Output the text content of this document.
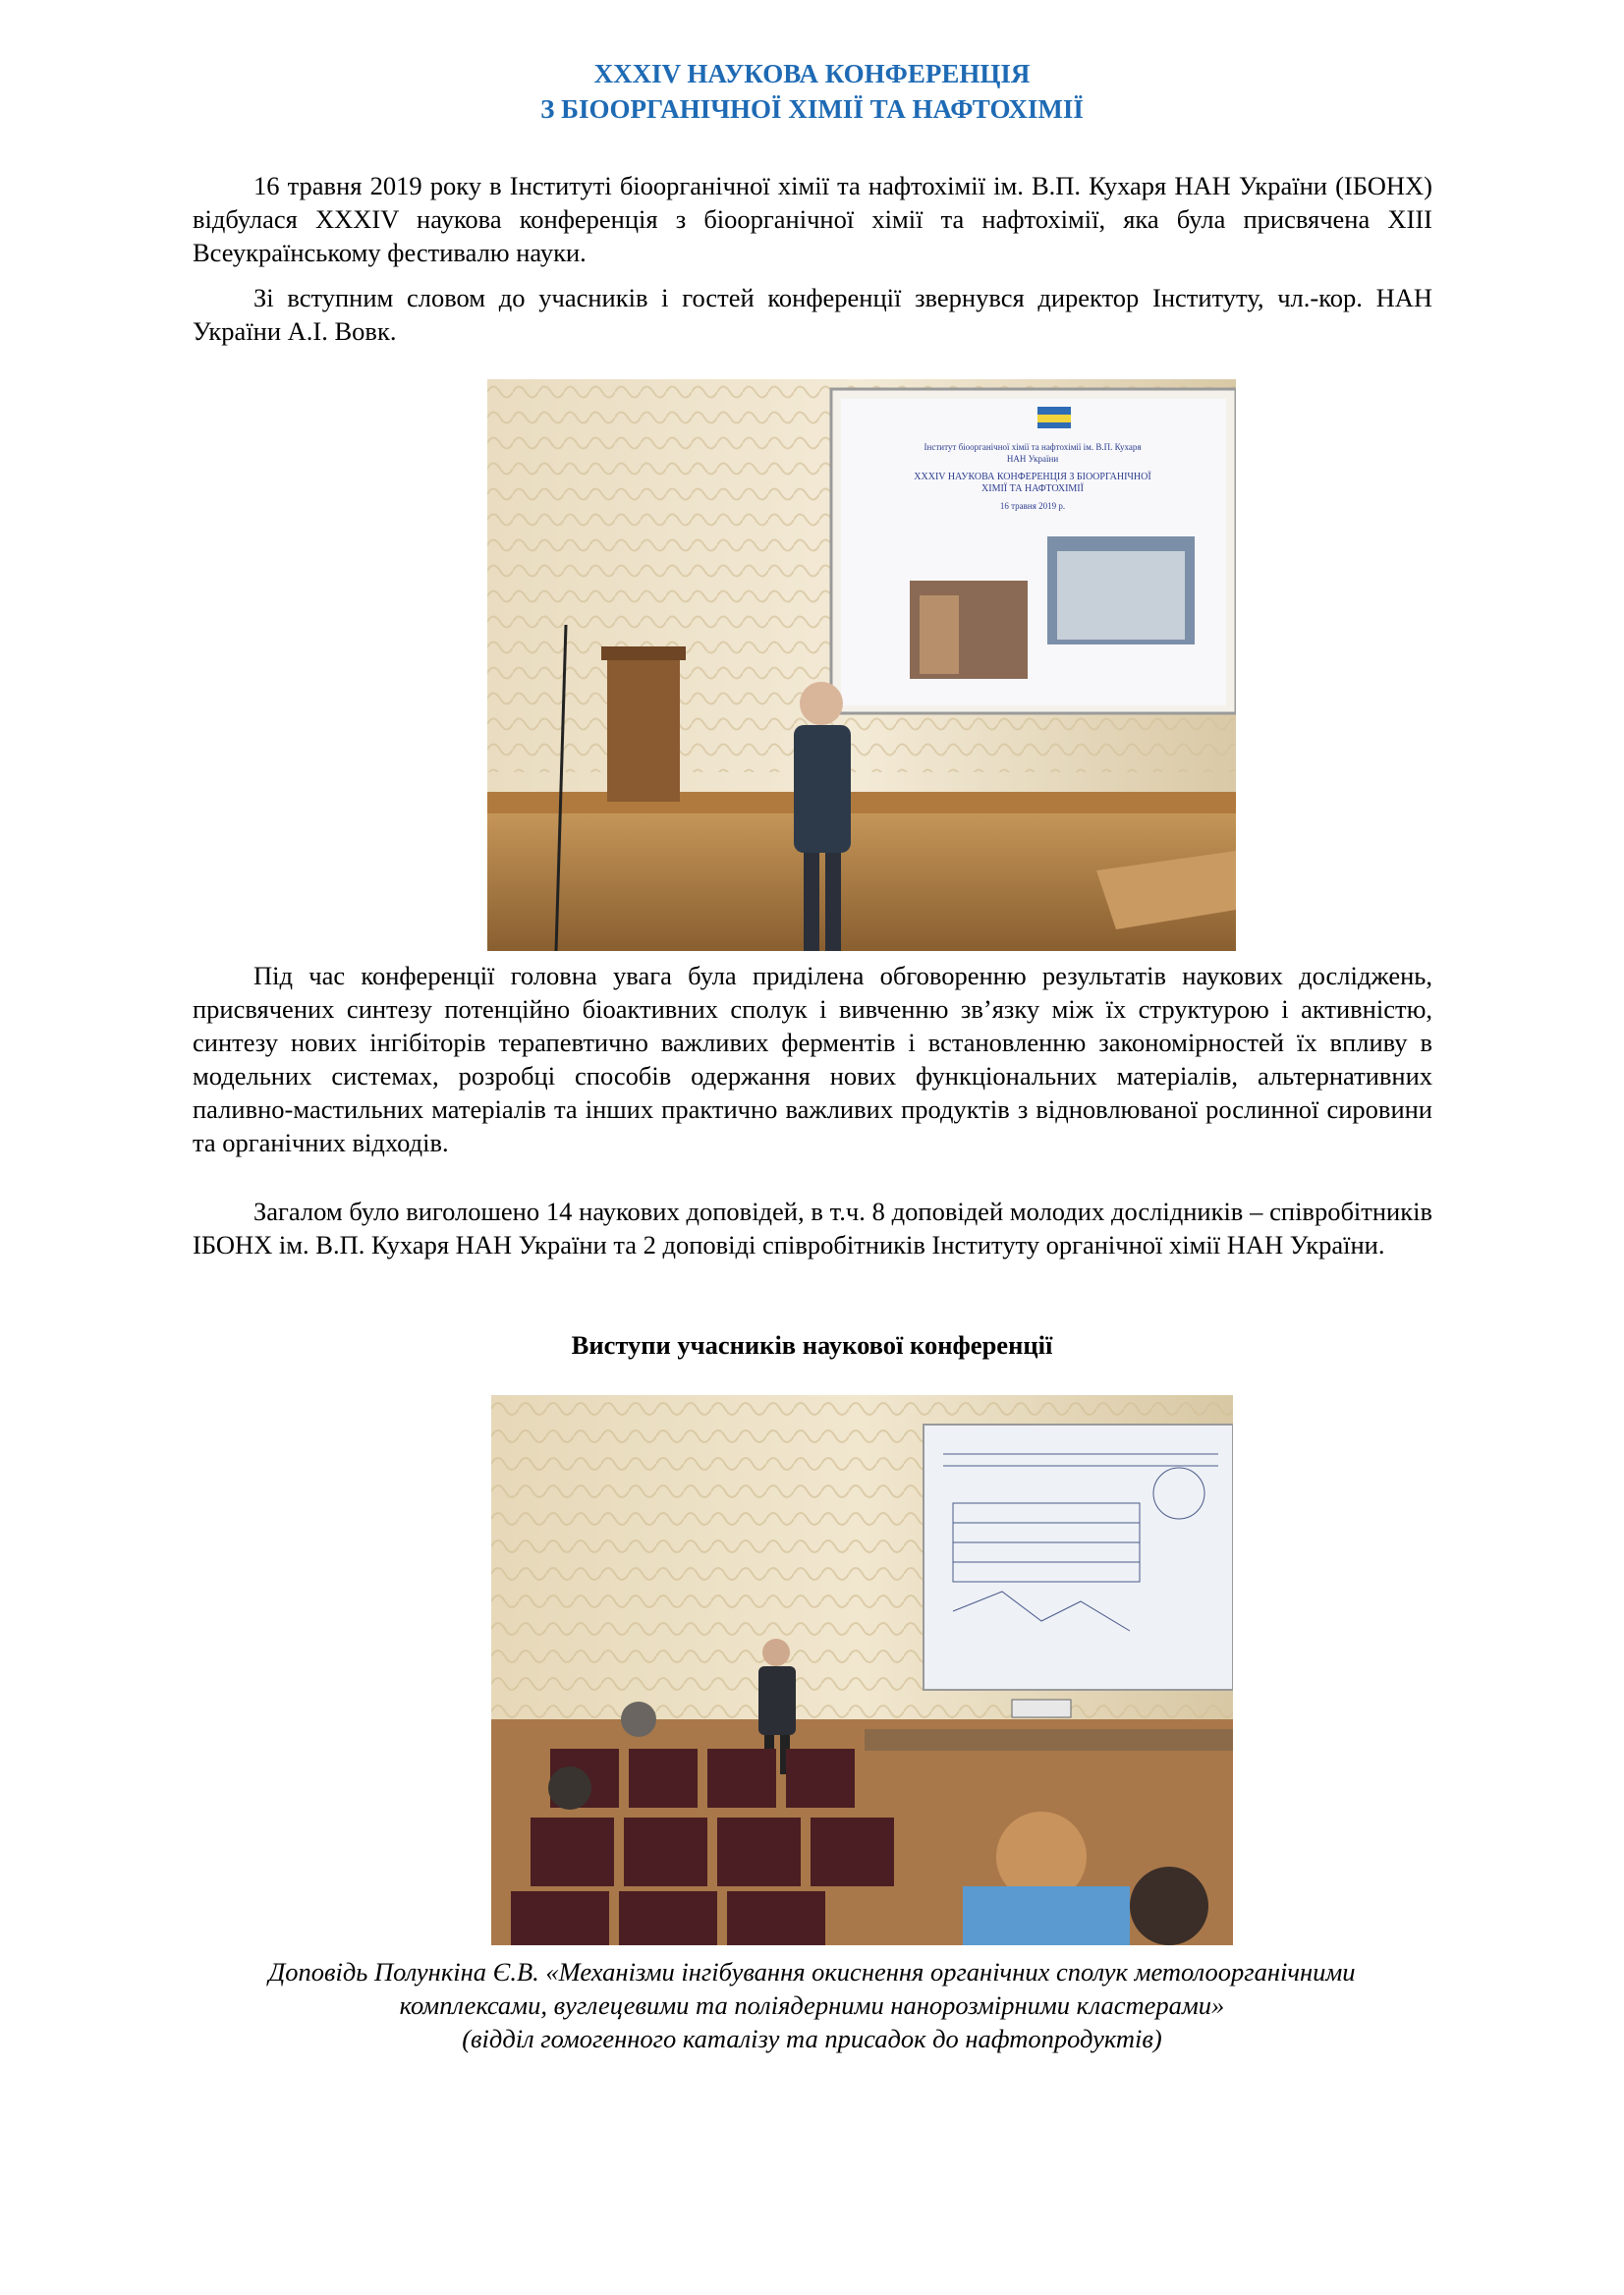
XXXIV НАУКОВА КОНФЕРЕНЦІЯ
З БІООРГАНІЧНОЇ ХІМІЇ ТА НАФТОХІМІЇ

16 травня 2019 року в Інституті біоорганічної хімії та нафтохімії ім. В.П. Кухаря НАН України (ІБОНХ) відбулася XXXIV наукова конференція з біоорганічної хімії та нафтохімії, яка була присвячена XIII Всеукраїнському фестивалю науки.

Зі вступним словом до учасників і гостей конференції звернувся директор Інституту, чл.-кор. НАН України А.І. Вовк.

Інститут біоорганічної хімії та нафтохімії ім. В.П. Кухаря
НАН України
XXXIV НАУКОВА КОНФЕРЕНЦІЯ З БІООРГАНІЧНОЇ
ХІМІЇ ТА НАФТОХІМІЇ
16 травня 2019 р.

Під час конференції головна увага була приділена обговоренню результатів наукових досліджень, присвячених синтезу потенційно біоактивних сполук і вивченню зв’язку між їх структурою і активністю, синтезу нових інгібіторів терапевтично важливих ферментів і встановленню закономірностей їх впливу в модельних системах, розробці способів одержання нових функціональних матеріалів, альтернативних паливно-мастильних матеріалів та інших практично важливих продуктів з відновлюваної рослинної сировини та органічних відходів.

Загалом було виголошено 14 наукових доповідей, в т.ч. 8 доповідей молодих дослідників – співробітників ІБОНХ ім. В.П. Кухаря НАН України та 2 доповіді співробітників Інституту органічної хімії НАН України.

Виступи учасників наукової конференції
Доповідь Полункіна Є.В. «Механізми інгібування окиснення органічних сполук метолоорганічними
комплексами, вуглецевими та поліядерними нанорозмірними кластерами»
(відділ гомогенного каталізу та присадок до нафтопродуктів)
